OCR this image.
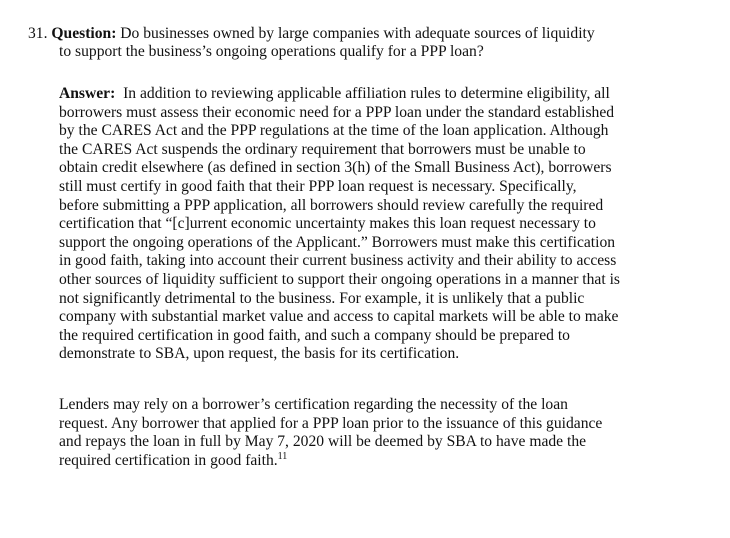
31. Question: Do businesses owned by large companies with adequate sources of liquidity
to support the business’s ongoing operations qualify for a PPP loan?
Answer: In addition to reviewing applicable affiliation rules to determine eligibility, all
borrowers must assess their economic need for a PPP loan under the standard established
by the CARES Act and the PPP regulations at the time of the loan application. Although
the CARES Act suspends the ordinary requirement that borrowers must be unable to
obtain credit elsewhere (as defined in section 3(h) of the Small Business Act), borrowers
still must certify in good faith that their PPP loan request is necessary. Specifically,
before submitting a PPP application, all borrowers should review carefully the required
certification that “[c]urrent economic uncertainty makes this loan request necessary to
support the ongoing operations of the Applicant.” Borrowers must make this certification
in good faith, taking into account their current business activity and their ability to access
other sources of liquidity sufficient to support their ongoing operations in a manner that is
not significantly detrimental to the business. For example, it is unlikely that a public
company with substantial market value and access to capital markets will be able to make
the required certification in good faith, and such a company should be prepared to
demonstrate to SBA, upon request, the basis for its certification.
Lenders may rely on a borrower’s certification regarding the necessity of the loan
request. Any borrower that applied for a PPP loan prior to the issuance of this guidance
and repays the loan in full by May 7, 2020 will be deemed by SBA to have made the
required certification in good faith.$^{11}$
